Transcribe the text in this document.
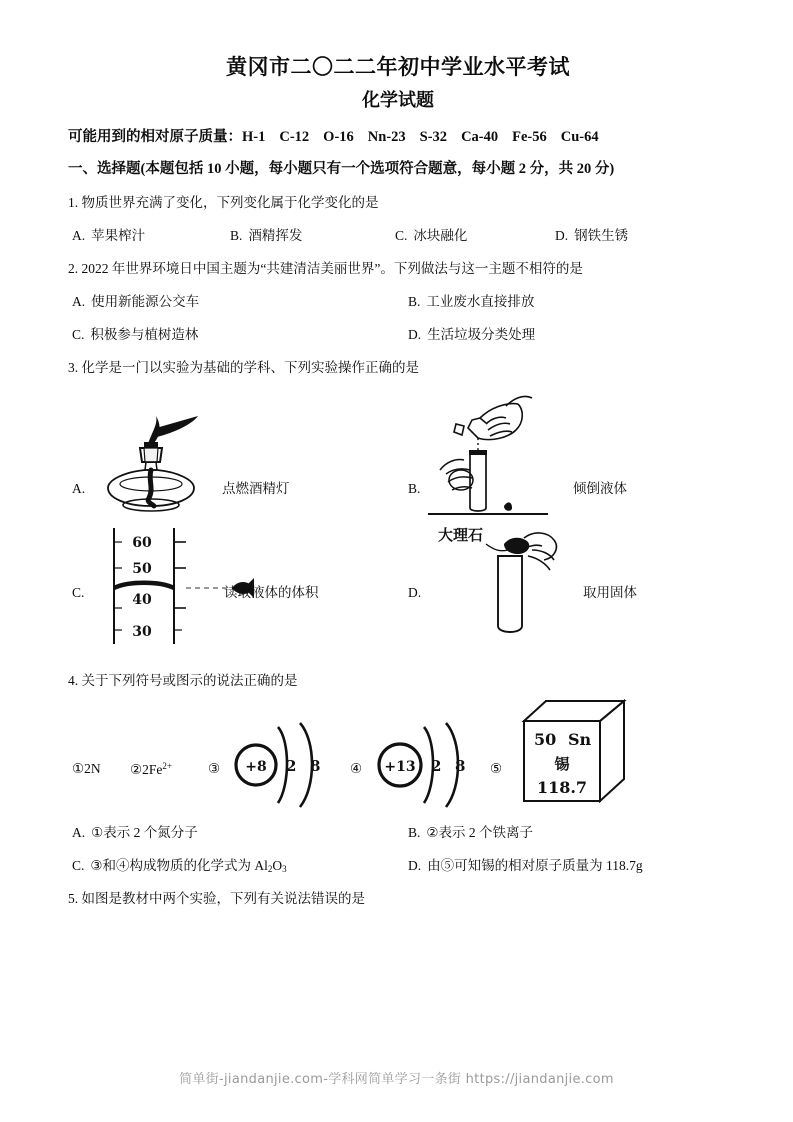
黄冈市二〇二二年初中学业水平考试
化学试题
可能用到的相对原子质量：H-1 C-12 O-16 Nn-23 S-32 Ca-40 Fe-56 Cu-64
一、选择题(本题包括 10 小题，每小题只有一个选项符合题意，每小题 2 分，共 20 分)
1. 物质世界充满了变化，下列变化属于化学变化的是
A. 苹果榨汁	B. 酒精挥发	C. 冰块融化	D. 钢铁生锈
2. 2022 年世界环境日中国主题为“共建清洁美丽世界”。下列做法与这一主题不相符的是
A. 使用新能源公交车	B. 工业废水直接排放
C. 积极参与植树造林	D. 生活垃圾分类处理
3. 化学是一门以实验为基础的学科、下列实验操作正确的是
A.	点燃酒精灯	B.	倾倒液体
C.
60
50
40
30
读取液体的体积	D.
大理石
取用固体
4. 关于下列符号或图示的说法正确的是
①2N $②2Fe^{2+}$	③ +8 2 8 ④ +13 2 8 ⑤
50 Sn
锡
118.7
A. ①表示 2 个氮分子	B. ②表示 2 个铁离子
C. ③和④构成物质的化学式为 $Al_2O_3$	D. 由⑤可知锡的相对原子质量为 118.7g
5. 如图是教材中两个实验，下列有关说法错误的是
简单街-jiandanjie.com-学科网简单学习一条街 https://jiandanjie.com
